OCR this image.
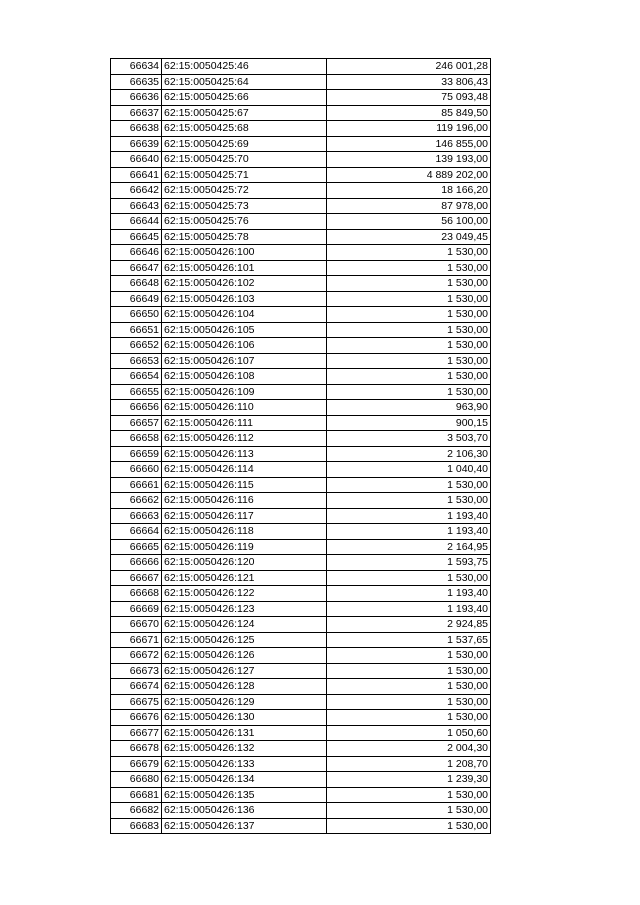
66634	62:15:0050425:46	246 001,28
66635	62:15:0050425:64	33 806,43
66636	62:15:0050425:66	75 093,48
66637	62:15:0050425:67	85 849,50
66638	62:15:0050425:68	119 196,00
66639	62:15:0050425:69	146 855,00
66640	62:15:0050425:70	139 193,00
66641	62:15:0050425:71	4 889 202,00
66642	62:15:0050425:72	18 166,20
66643	62:15:0050425:73	87 978,00
66644	62:15:0050425:76	56 100,00
66645	62:15:0050425:78	23 049,45
66646	62:15:0050426:100	1 530,00
66647	62:15:0050426:101	1 530,00
66648	62:15:0050426:102	1 530,00
66649	62:15:0050426:103	1 530,00
66650	62:15:0050426:104	1 530,00
66651	62:15:0050426:105	1 530,00
66652	62:15:0050426:106	1 530,00
66653	62:15:0050426:107	1 530,00
66654	62:15:0050426:108	1 530,00
66655	62:15:0050426:109	1 530,00
66656	62:15:0050426:110	963,90
66657	62:15:0050426:111	900,15
66658	62:15:0050426:112	3 503,70
66659	62:15:0050426:113	2 106,30
66660	62:15:0050426:114	1 040,40
66661	62:15:0050426:115	1 530,00
66662	62:15:0050426:116	1 530,00
66663	62:15:0050426:117	1 193,40
66664	62:15:0050426:118	1 193,40
66665	62:15:0050426:119	2 164,95
66666	62:15:0050426:120	1 593,75
66667	62:15:0050426:121	1 530,00
66668	62:15:0050426:122	1 193,40
66669	62:15:0050426:123	1 193,40
66670	62:15:0050426:124	2 924,85
66671	62:15:0050426:125	1 537,65
66672	62:15:0050426:126	1 530,00
66673	62:15:0050426:127	1 530,00
66674	62:15:0050426:128	1 530,00
66675	62:15:0050426:129	1 530,00
66676	62:15:0050426:130	1 530,00
66677	62:15:0050426:131	1 050,60
66678	62:15:0050426:132	2 004,30
66679	62:15:0050426:133	1 208,70
66680	62:15:0050426:134	1 239,30
66681	62:15:0050426:135	1 530,00
66682	62:15:0050426:136	1 530,00
66683	62:15:0050426:137	1 530,00
